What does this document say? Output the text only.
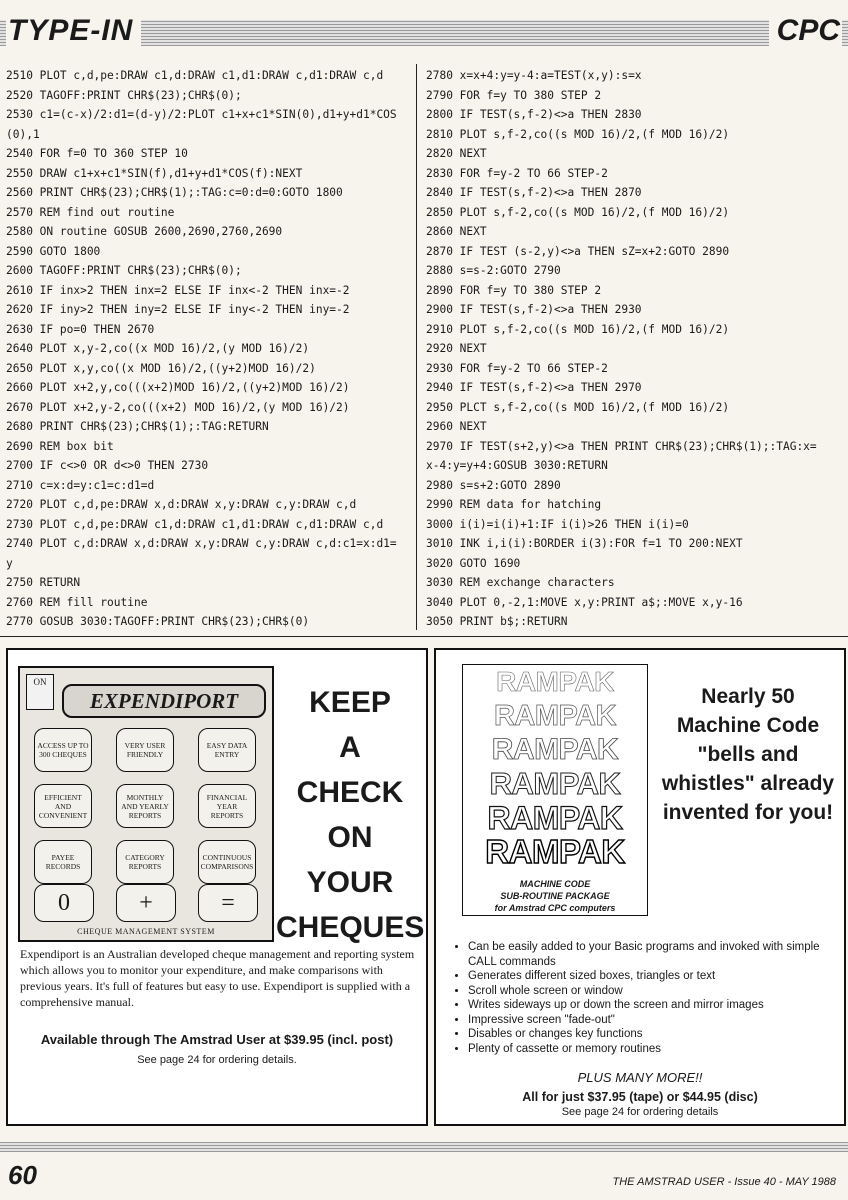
TYPE-IN	CPC
2510 PLOT c,d,pe:DRAW c1,d:DRAW c1,d1:DRAW c,d1:DRAW c,d
2520 TAGOFF:PRINT CHR$(23);CHR$(0);
2530 c1=(c-x)/2:d1=(d-y)/2:PLOT c1+x+c1*SIN(0),d1+y+d1*COS
(0),1
2540 FOR f=0 TO 360 STEP 10
2550 DRAW c1+x+c1*SIN(f),d1+y+d1*COS(f):NEXT
2560 PRINT CHR$(23);CHR$(1);:TAG:c=0:d=0:GOTO 1800
2570 REM find out routine
2580 ON routine GOSUB 2600,2690,2760,2690
2590 GOTO 1800
2600 TAGOFF:PRINT CHR$(23);CHR$(0);
2610 IF inx>2 THEN inx=2 ELSE IF inx<-2 THEN inx=-2
2620 IF iny>2 THEN iny=2 ELSE IF iny<-2 THEN iny=-2
2630 IF po=0 THEN 2670
2640 PLOT x,y-2,co((x MOD 16)/2,(y MOD 16)/2)
2650 PLOT x,y,co((x MOD 16)/2,((y+2)MOD 16)/2)
2660 PLOT x+2,y,co(((x+2)MOD 16)/2,((y+2)MOD 16)/2)
2670 PLOT x+2,y-2,co(((x+2) MOD 16)/2,(y MOD 16)/2)
2680 PRINT CHR$(23);CHR$(1);:TAG:RETURN
2690 REM box bit
2700 IF c<>0 OR d<>0 THEN 2730
2710 c=x:d=y:c1=c:d1=d
2720 PLOT c,d,pe:DRAW x,d:DRAW x,y:DRAW c,y:DRAW c,d
2730 PLOT c,d,pe:DRAW c1,d:DRAW c1,d1:DRAW c,d1:DRAW c,d
2740 PLOT c,d:DRAW x,d:DRAW x,y:DRAW c,y:DRAW c,d:c1=x:d1=
y
2750 RETURN
2760 REM fill routine
2770 GOSUB 3030:TAGOFF:PRINT CHR$(23);CHR$(0)
2780 x=x+4:y=y-4:a=TEST(x,y):s=x
2790 FOR f=y TO 380 STEP 2
2800 IF TEST(s,f-2)<>a THEN 2830
2810 PLOT s,f-2,co((s MOD 16)/2,(f MOD 16)/2)
2820 NEXT
2830 FOR f=y-2 TO 66 STEP-2
2840 IF TEST(s,f-2)<>a THEN 2870
2850 PLOT s,f-2,co((s MOD 16)/2,(f MOD 16)/2)
2860 NEXT
2870 IF TEST (s-2,y)<>a THEN sZ=x+2:GOTO 2890
2880 s=s-2:GOTO 2790
2890 FOR f=y TO 380 STEP 2
2900 IF TEST(s,f-2)<>a THEN 2930
2910 PLOT s,f-2,co((s MOD 16)/2,(f MOD 16)/2)
2920 NEXT
2930 FOR f=y-2 TO 66 STEP-2
2940 IF TEST(s,f-2)<>a THEN 2970
2950 PLCT s,f-2,co((s MOD 16)/2,(f MOD 16)/2)
2960 NEXT
2970 IF TEST(s+2,y)<>a THEN PRINT CHR$(23);CHR$(1);:TAG:x=
x-4:y=y+4:GOSUB 3030:RETURN
2980 s=s+2:GOTO 2890
2990 REM data for hatching
3000 i(i)=i(i)+1:IF i(i)>26 THEN i(i)=0
3010 INK i,i(i):BORDER i(3):FOR f=1 TO 200:NEXT
3020 GOTO 1690
3030 REM exchange characters
3040 PLOT 0,-2,1:MOVE x,y:PRINT a$;:MOVE x,y-16
3050 PRINT b$;:RETURN
ON
EXPENDIPORT
ACCESS UP TO 300 CHEQUES
VERY USER FRIENDLY
EASY DATA ENTRY
EFFICIENT AND CONVENIENT
MONTHLY AND YEARLY REPORTS
FINANCIAL YEAR REPORTS
PAYEE RECORDS
CATEGORY REPORTS
CONTINUOUS COMPARISONS
0	+	=
CHEQUE MANAGEMENT SYSTEM
KEEP
A
CHECK
ON
YOUR
CHEQUES
Expendiport is an Australian developed cheque management and reporting system which allows you to monitor your expenditure, and make comparisons with previous years. It's full of features but easy to use. Expendiport is supplied with a comprehensive manual.
Available through The Amstrad User at $39.95 (incl. post)
See page 24 for ordering details.
RAMPAK
RAMPAK
RAMPAK
RAMPAK
RAMPAK
RAMPAK
MACHINE CODE
SUB-ROUTINE PACKAGE
for Amstrad CPC computers
Nearly 50 Machine Code "bells and whistles" already invented for you!
• Can be easily added to your Basic programs and invoked with simple CALL commands
• Generates different sized boxes, triangles or text
• Scroll whole screen or window
• Writes sideways up or down the screen and mirror images
• Impressive screen "fade-out"
• Disables or changes key functions
• Plenty of cassette or memory routines
PLUS MANY MORE!!
All for just $37.95 (tape) or $44.95 (disc)
See page 24 for ordering details
60	THE AMSTRAD USER - Issue 40 - MAY 1988
